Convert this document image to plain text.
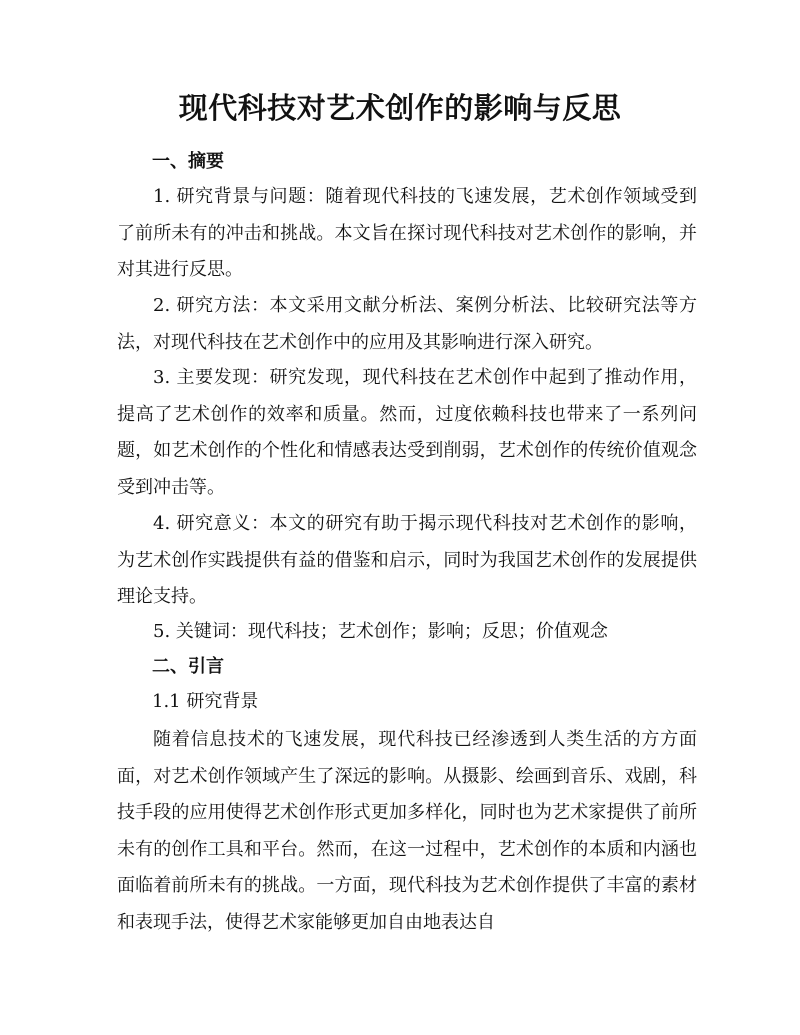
现代科技对艺术创作的影响与反思
一、摘要

1. 研究背景与问题：随着现代科技的飞速发展，艺术创作领域受到了前所未有的冲击和挑战。本文旨在探讨现代科技对艺术创作的影响，并对其进行反思。

2. 研究方法：本文采用文献分析法、案例分析法、比较研究法等方法，对现代科技在艺术创作中的应用及其影响进行深入研究。

3. 主要发现：研究发现，现代科技在艺术创作中起到了推动作用，提高了艺术创作的效率和质量。然而，过度依赖科技也带来了一系列问题，如艺术创作的个性化和情感表达受到削弱，艺术创作的传统价值观念受到冲击等。

4. 研究意义：本文的研究有助于揭示现代科技对艺术创作的影响，为艺术创作实践提供有益的借鉴和启示，同时为我国艺术创作的发展提供理论支持。

5. 关键词：现代科技；艺术创作；影响；反思；价值观念

二、引言
1.1 研究背景

随着信息技术的飞速发展，现代科技已经渗透到人类生活的方方面面，对艺术创作领域产生了深远的影响。从摄影、绘画到音乐、戏剧，科技手段的应用使得艺术创作形式更加多样化，同时也为艺术家提供了前所未有的创作工具和平台。然而，在这一过程中，艺术创作的本质和内涵也面临着前所未有的挑战。一方面，现代科技为艺术创作提供了丰富的素材和表现手法，使得艺术家能够更加自由地表达自
